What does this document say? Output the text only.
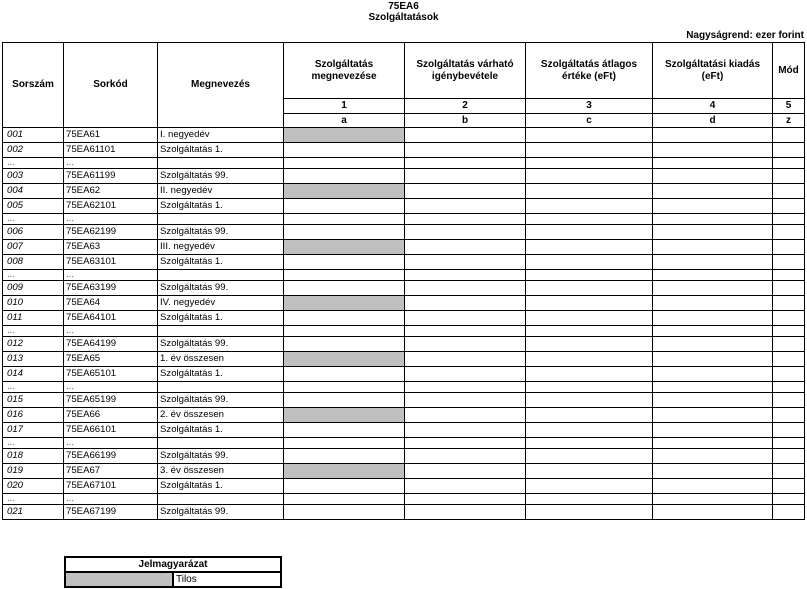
75EA6
Szolgáltatások
Nagyságrend: ezer forint
Sorszám	Sorkód	Megnevezés	Szolgáltatás megnevezése	Szolgáltatás várható igénybevétele	Szolgáltatás átlagos értéke (eFt)	Szolgáltatási kiadás (eFt)	Mód
			1	2	3	4	5
			a	b	c	d	z
001	75EA61	I. negyedév					
002	75EA61101	Szolgáltatás 1.					
...	...						
003	75EA61199	Szolgáltatás 99.					
004	75EA62	II. negyedév					
005	75EA62101	Szolgáltatás 1.					
...	...						
006	75EA62199	Szolgáltatás 99.					
007	75EA63	III. negyedév					
008	75EA63101	Szolgáltatás 1.					
...	...						
009	75EA63199	Szolgáltatás 99.					
010	75EA64	IV. negyedév					
011	75EA64101	Szolgáltatás 1.					
...	...						
012	75EA64199	Szolgáltatás 99.					
013	75EA65	1. év összesen					
014	75EA65101	Szolgáltatás 1.					
...	...						
015	75EA65199	Szolgáltatás 99.					
016	75EA66	2. év összesen					
017	75EA66101	Szolgáltatás 1.					
...	...						
018	75EA66199	Szolgáltatás 99.					
019	75EA67	3. év összesen					
020	75EA67101	Szolgáltatás 1.					
...	...						
021	75EA67199	Szolgáltatás 99.					
Jelmagyarázat
	Tilos
